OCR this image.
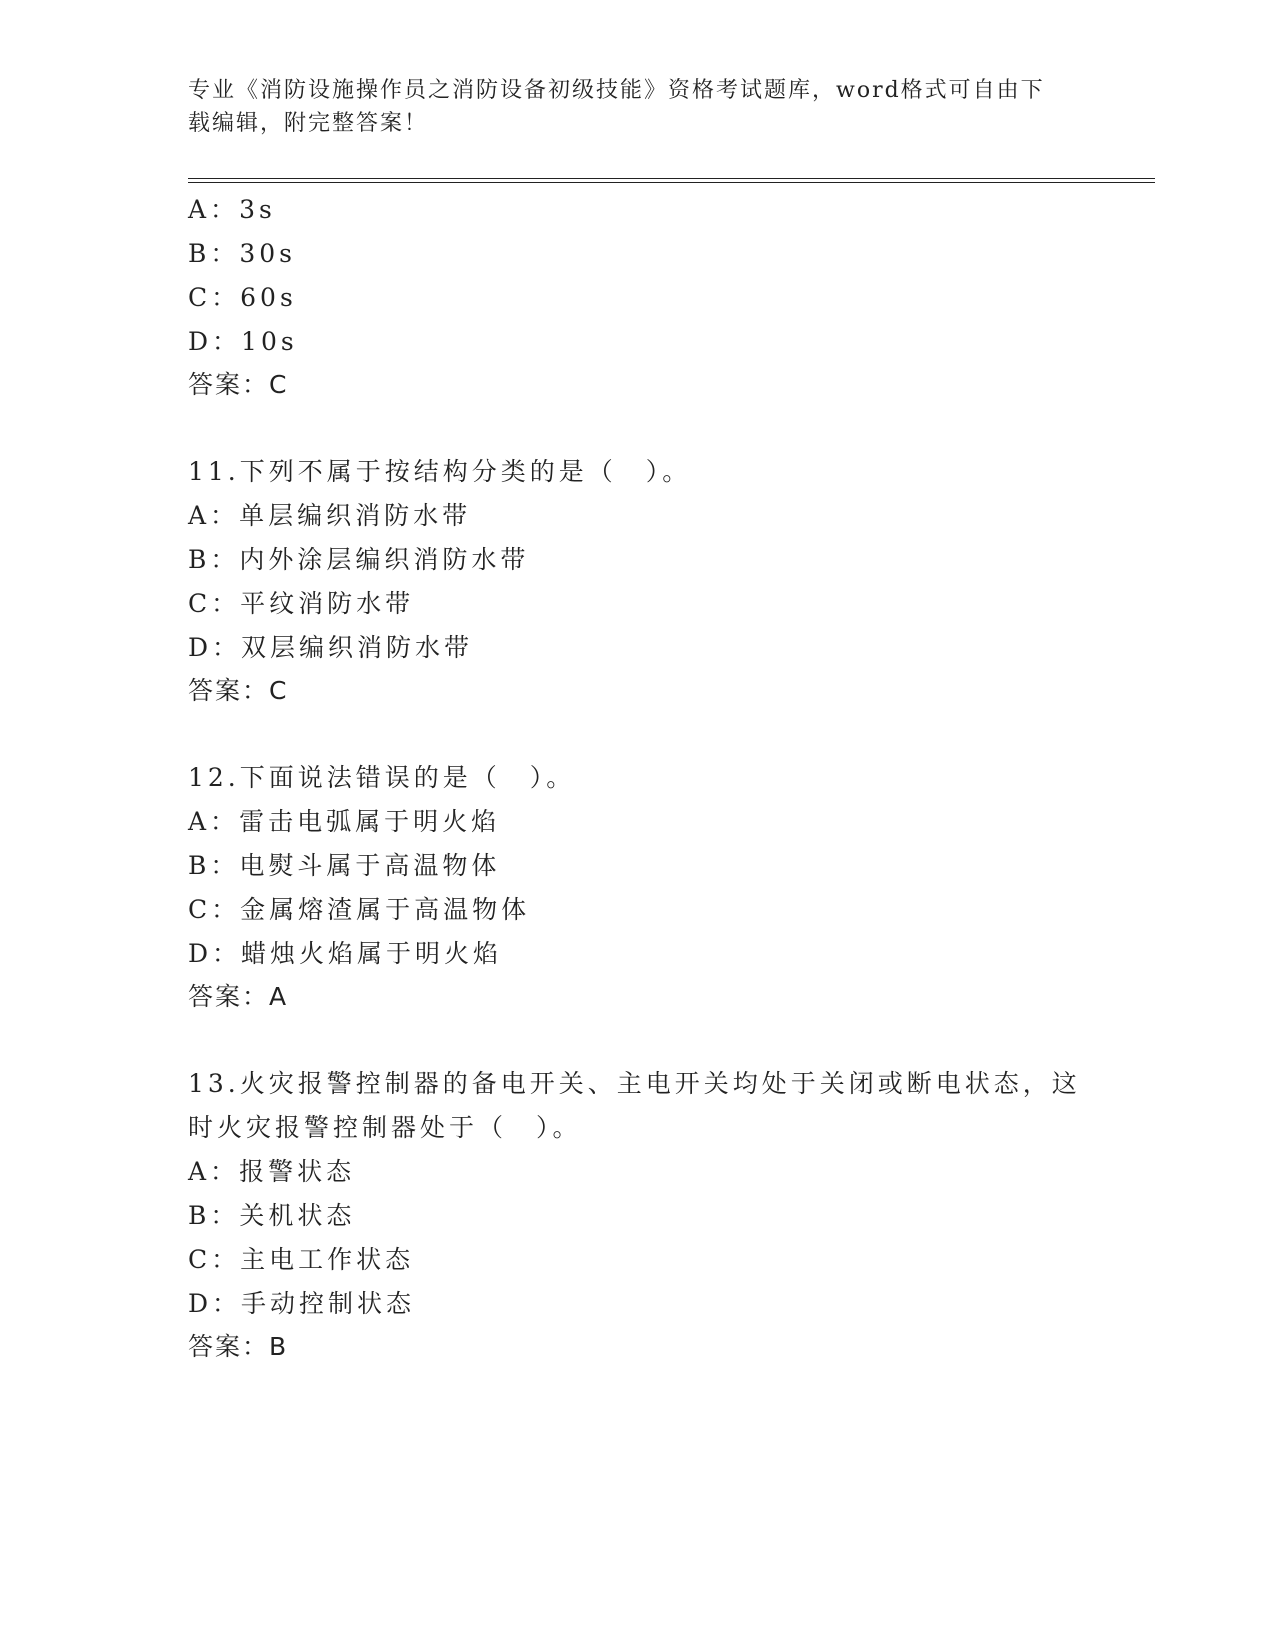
专业《消防设施操作员之消防设备初级技能》资格考试题库，word格式可自由下
载编辑，附完整答案！
A：3s
B：30s
C：60s
D：10s
答案：C
11.下列不属于按结构分类的是（　）。
A：单层编织消防水带
B：内外涂层编织消防水带
C：平纹消防水带
D：双层编织消防水带
答案：C
12.下面说法错误的是（　）。
A：雷击电弧属于明火焰
B：电熨斗属于高温物体
C：金属熔渣属于高温物体
D：蜡烛火焰属于明火焰
答案：A
13.火灾报警控制器的备电开关、主电开关均处于关闭或断电状态，这
时火灾报警控制器处于（　）。
A：报警状态
B：关机状态
C：主电工作状态
D：手动控制状态
答案：B
